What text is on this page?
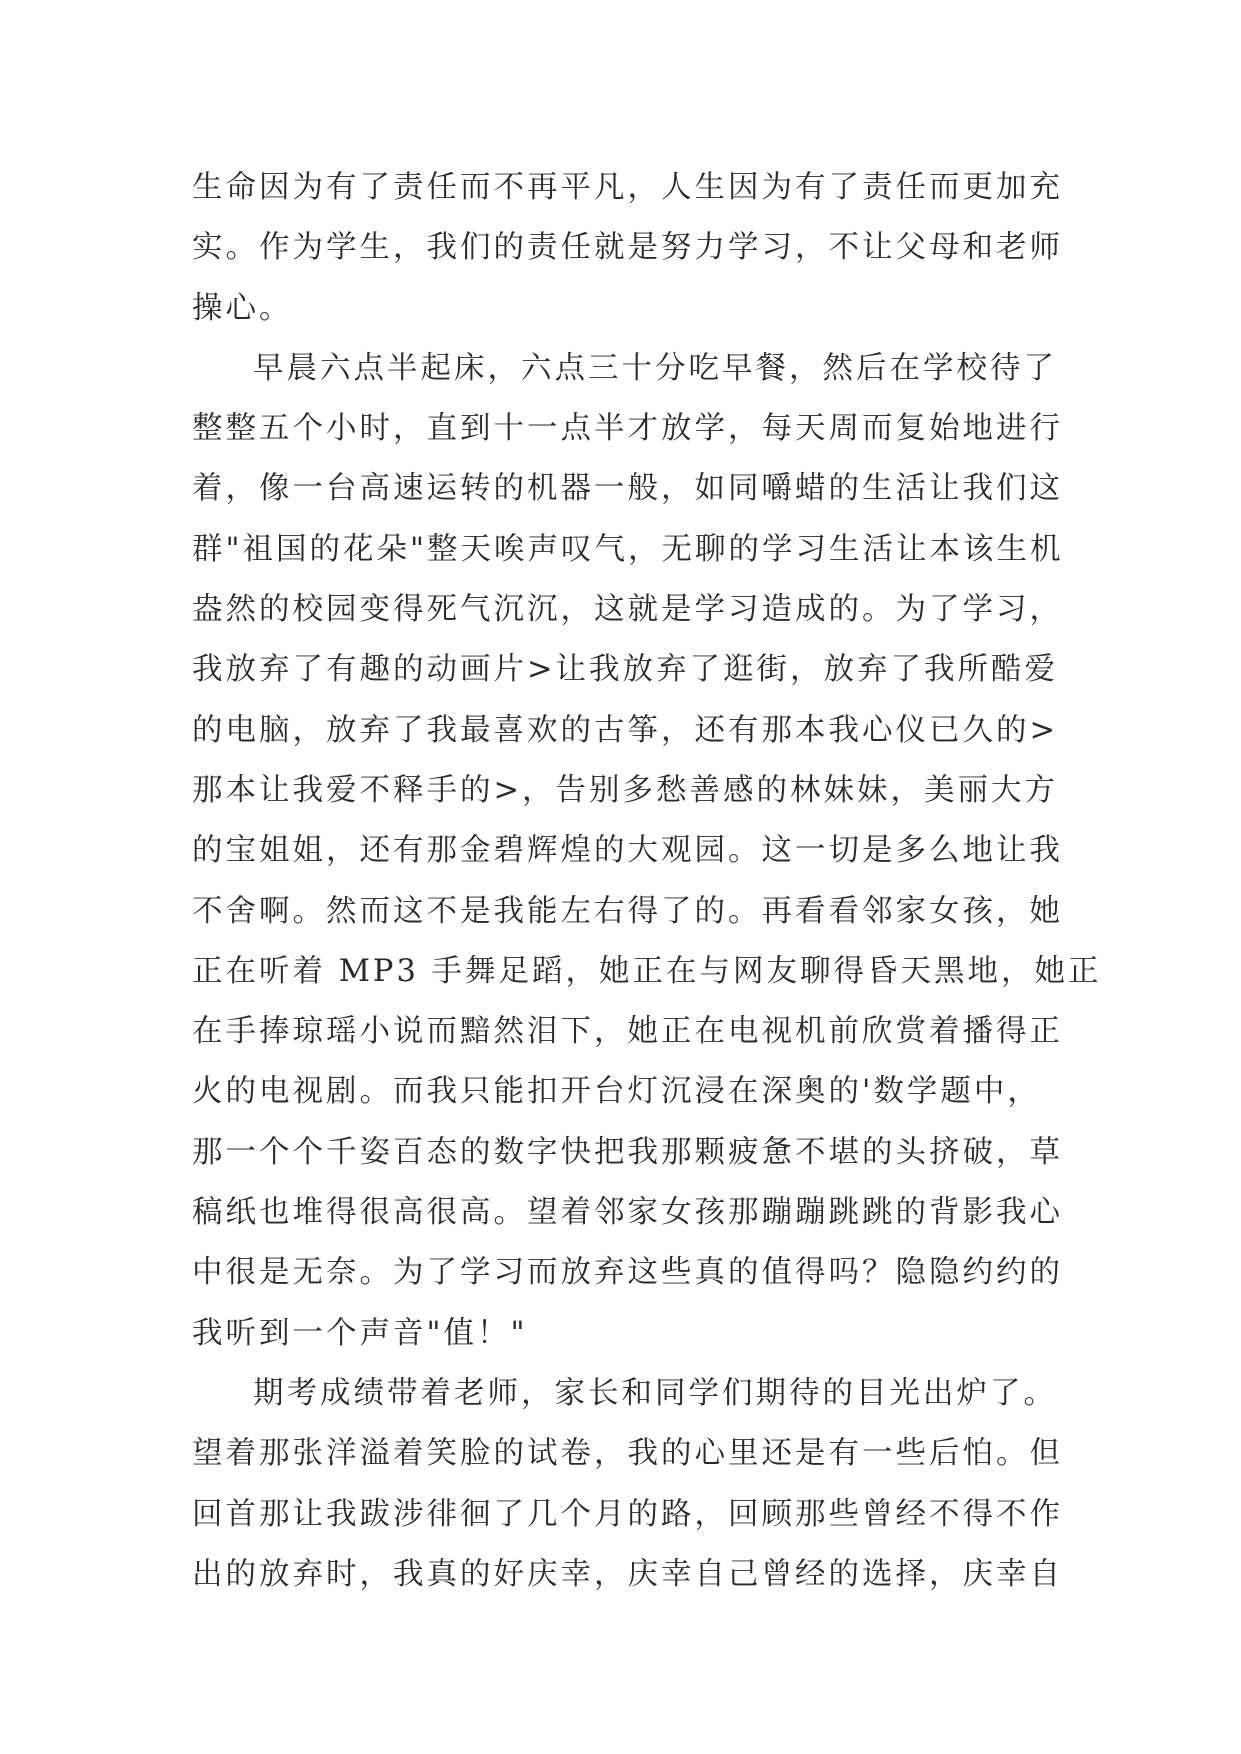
生命因为有了责任而不再平凡，人生因为有了责任而更加充
实。作为学生，我们的责任就是努力学习，不让父母和老师
操心。
早晨六点半起床，六点三十分吃早餐，然后在学校待了
整整五个小时，直到十一点半才放学，每天周而复始地进行
着，像一台高速运转的机器一般，如同嚼蜡的生活让我们这
群"祖国的花朵"整天唉声叹气，无聊的学习生活让本该生机
盎然的校园变得死气沉沉，这就是学习造成的。为了学习，
我放弃了有趣的动画片>让我放弃了逛街，放弃了我所酷爱
的电脑，放弃了我最喜欢的古筝，还有那本我心仪已久的>
那本让我爱不释手的>，告别多愁善感的林妹妹，美丽大方
的宝姐姐，还有那金碧辉煌的大观园。这一切是多么地让我
不舍啊。然而这不是我能左右得了的。再看看邻家女孩，她
正在听着 MP3 手舞足蹈，她正在与网友聊得昏天黑地，她正
在手捧琼瑶小说而黯然泪下，她正在电视机前欣赏着播得正
火的电视剧。而我只能扣开台灯沉浸在深奥的'数学题中，
那一个个千姿百态的数字快把我那颗疲惫不堪的头挤破，草
稿纸也堆得很高很高。望着邻家女孩那蹦蹦跳跳的背影我心
中很是无奈。为了学习而放弃这些真的值得吗？隐隐约约的
我听到一个声音"值！"
期考成绩带着老师，家长和同学们期待的目光出炉了。
望着那张洋溢着笑脸的试卷，我的心里还是有一些后怕。但
回首那让我跋涉徘徊了几个月的路，回顾那些曾经不得不作
出的放弃时，我真的好庆幸，庆幸自己曾经的选择，庆幸自
